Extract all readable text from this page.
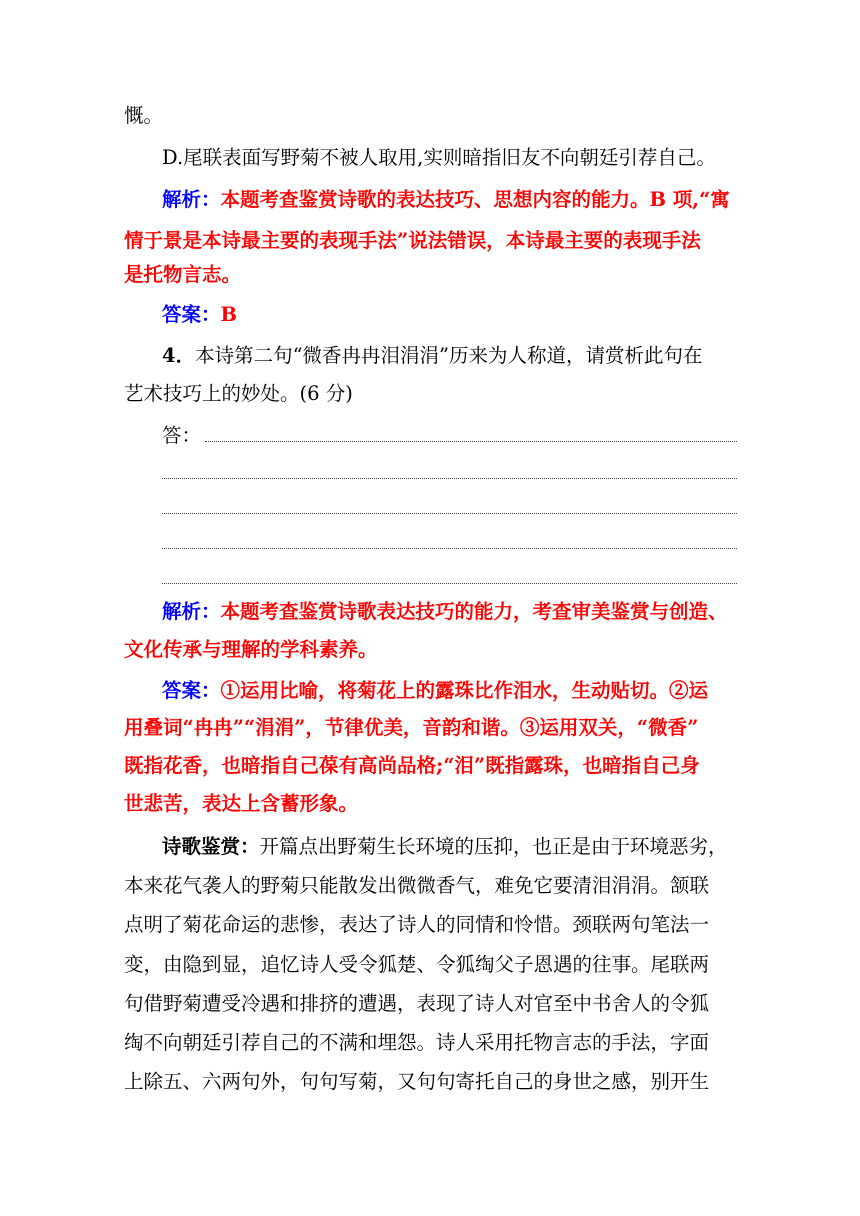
慨。
D.尾联表面写野菊不被人取用,实则暗指旧友不向朝廷引荐自己。
解析：本题考查鉴赏诗歌的表达技巧、思想内容的能力。B 项,“寓
情于景是本诗最主要的表现手法”说法错误，本诗最主要的表现手法
是托物言志。
答案：B
4．本诗第二句“微香冉冉泪涓涓”历来为人称道，请赏析此句在
艺术技巧上的妙处。(6 分)
答：
解析：本题考查鉴赏诗歌表达技巧的能力，考查审美鉴赏与创造、
文化传承与理解的学科素养。
答案：①运用比喻，将菊花上的露珠比作泪水，生动贴切。②运
用叠词“冉冉”“涓涓”，节律优美，音韵和谐。③运用双关，“微香”
既指花香，也暗指自己葆有高尚品格;“泪”既指露珠，也暗指自己身
世悲苦，表达上含蓄形象。
诗歌鉴赏：开篇点出野菊生长环境的压抑，也正是由于环境恶劣，
本来花气袭人的野菊只能散发出微微香气，难免它要清泪涓涓。颔联
点明了菊花命运的悲惨，表达了诗人的同情和怜惜。颈联两句笔法一
变，由隐到显，追忆诗人受令狐楚、令狐绹父子恩遇的往事。尾联两
句借野菊遭受冷遇和排挤的遭遇，表现了诗人对官至中书舍人的令狐
绹不向朝廷引荐自己的不满和埋怨。诗人采用托物言志的手法，字面
上除五、六两句外，句句写菊，又句句寄托自己的身世之感，别开生
